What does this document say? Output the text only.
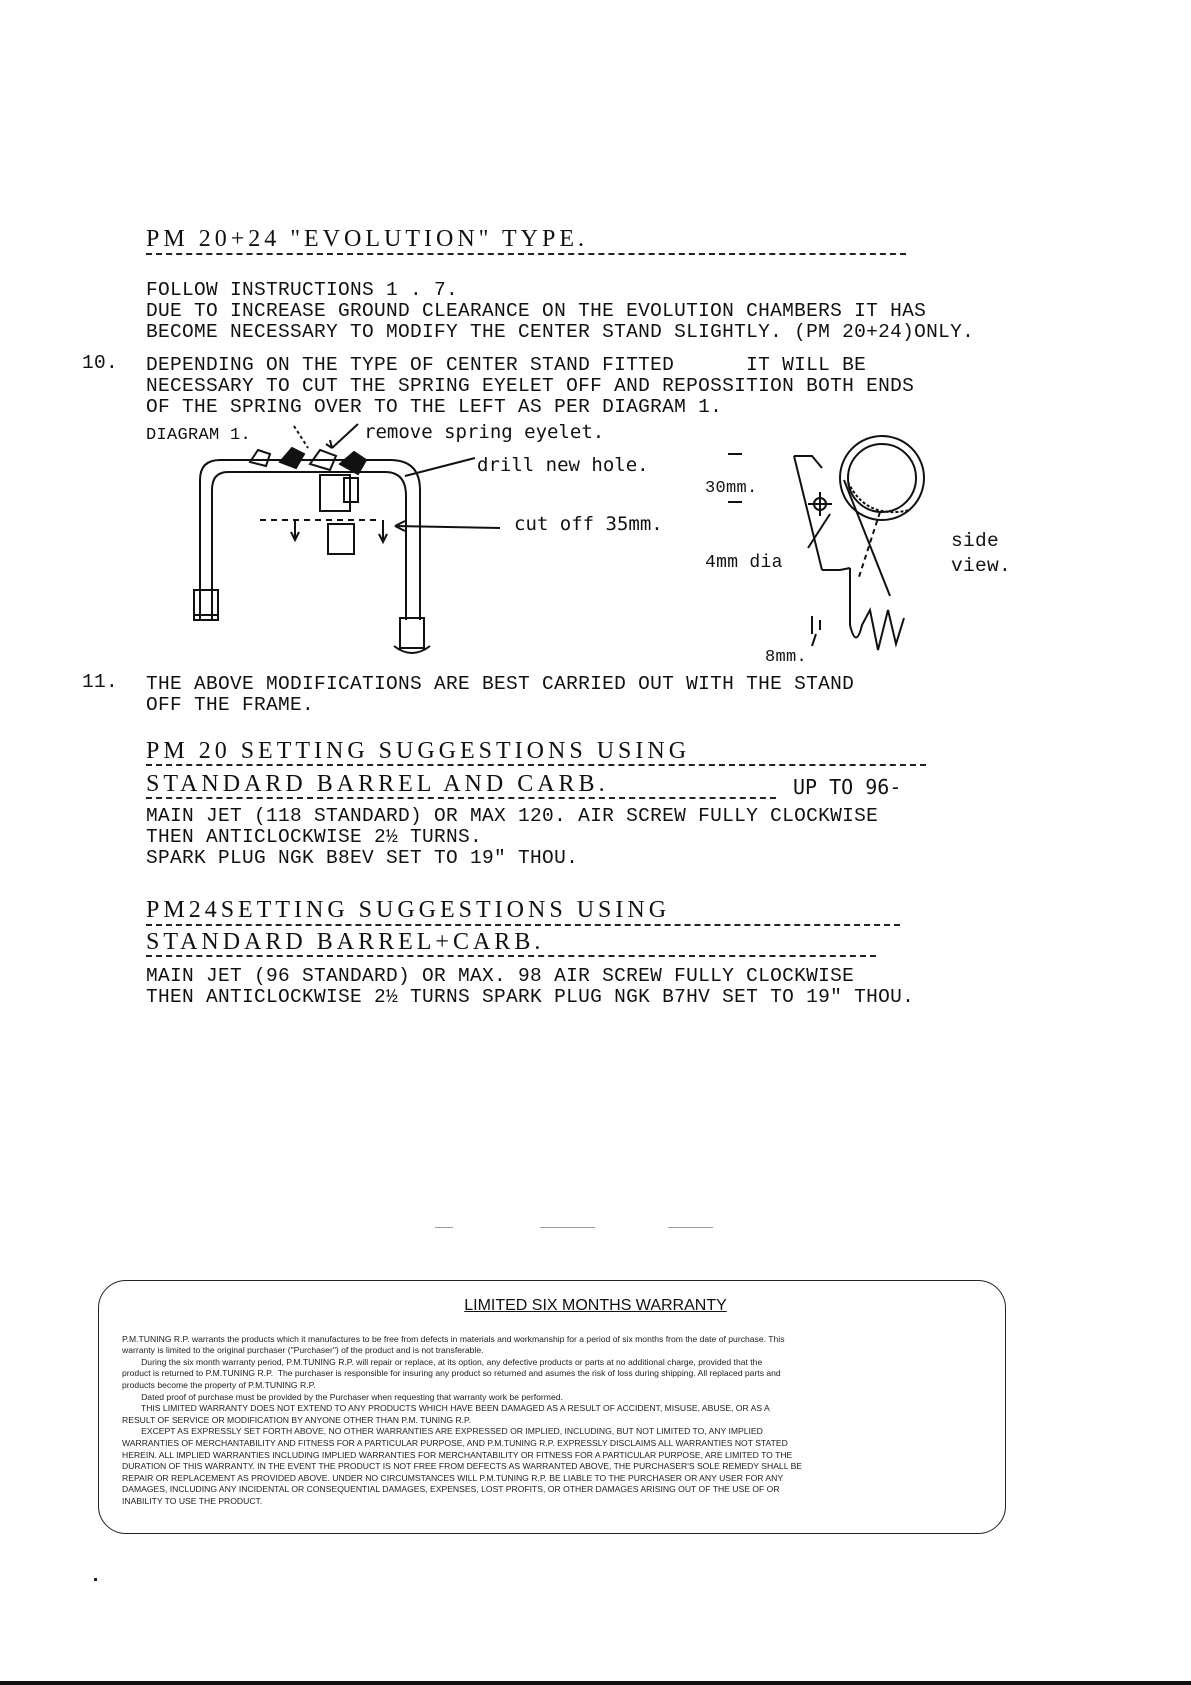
PM 20+24 "EVOLUTION" TYPE.
FOLLOW INSTRUCTIONS 1 . 7.
DUE TO INCREASE GROUND CLEARANCE ON THE EVOLUTION CHAMBERS IT HAS
BECOME NECESSARY TO MODIFY THE CENTER STAND SLIGHTLY. (PM 20+24)ONLY.
10. DEPENDING ON THE TYPE OF CENTER STAND FITTED      IT WILL BE
NECESSARY TO CUT THE SPRING EYELET OFF AND REPOSSITION BOTH ENDS
OF THE SPRING OVER TO THE LEFT AS PER DIAGRAM 1.
DIAGRAM 1.	remove spring eyelet.
drill new hole.
cut off 35mm.
30mm.
4mm dia
8mm.
side
view.
11. THE ABOVE MODIFICATIONS ARE BEST CARRIED OUT WITH THE STAND
OFF THE FRAME.
PM 20 SETTING SUGGESTIONS USING
STANDARD BARREL AND CARB.	UP TO 96-
MAIN JET (118 STANDARD) OR MAX 120. AIR SCREW FULLY CLOCKWISE
THEN ANTICLOCKWISE 2½ TURNS.
SPARK PLUG NGK B8EV SET TO 19" THOU.
PM24SETTING SUGGESTIONS USING
STANDARD BARREL+CARB.
MAIN JET (96 STANDARD) OR MAX. 98 AIR SCREW FULLY CLOCKWISE
THEN ANTICLOCKWISE 2½ TURNS SPARK PLUG NGK B7HV SET TO 19" THOU.
LIMITED SIX MONTHS WARRANTY

P.M.TUNING R.P. warrants the products which it manufactures to be free from defects in materials and workmanship for a period of six months from the date of purchase. This
warranty is limited to the original purchaser ("Purchaser") of the product and is not transferable.
During the six month warranty period, P.M.TUNING R.P. will repair or replace, at its option, any defective products or parts at no additional charge, provided that the
product is returned to P.M.TUNING R.P.  The purchaser is responsible for insuring any product so returned and asumes the risk of loss during shipping. All replaced parts and
products become the property of P.M.TUNING R.P.
Dated proof of purchase must be provided by the Purchaser when requesting that warranty work be performed.
THIS LIMITED WARRANTY DOES NOT EXTEND TO ANY PRODUCTS WHICH HAVE BEEN DAMAGED AS A RESULT OF ACCIDENT, MISUSE, ABUSE, OR AS A
RESULT OF SERVICE OR MODIFICATION BY ANYONE OTHER THAN P.M. TUNING R.P.
EXCEPT AS EXPRESSLY SET FORTH ABOVE, NO OTHER WARRANTIES ARE EXPRESSED OR IMPLIED, INCLUDING, BUT NOT LIMITED TO, ANY IMPLIED
WARRANTIES OF MERCHANTABILITY AND FITNESS FOR A PARTICULAR PURPOSE, AND P.M.TUNING R.P. EXPRESSLY DISCLAIMS ALL WARRANTIES NOT STATED
HEREIN. ALL IMPLIED WARRANTIES INCLUDING IMPLIED WARRANTIES FOR MERCHANTABILITY OR FITNESS FOR A PARTICULAR PURPOSE, ARE LIMITED TO THE
DURATION OF THIS WARRANTY. IN THE EVENT THE PRODUCT IS NOT FREE FROM DEFECTS AS WARRANTED ABOVE, THE PURCHASER'S SOLE REMEDY SHALL BE
REPAIR OR REPLACEMENT AS PROVIDED ABOVE. UNDER NO CIRCUMSTANCES WILL P.M.TUNING R.P. BE LIABLE TO THE PURCHASER OR ANY USER FOR ANY
DAMAGES, INCLUDING ANY INCIDENTAL OR CONSEQUENTIAL DAMAGES, EXPENSES, LOST PROFITS, OR OTHER DAMAGES ARISING OUT OF THE USE OF OR
INABILITY TO USE THE PRODUCT.
